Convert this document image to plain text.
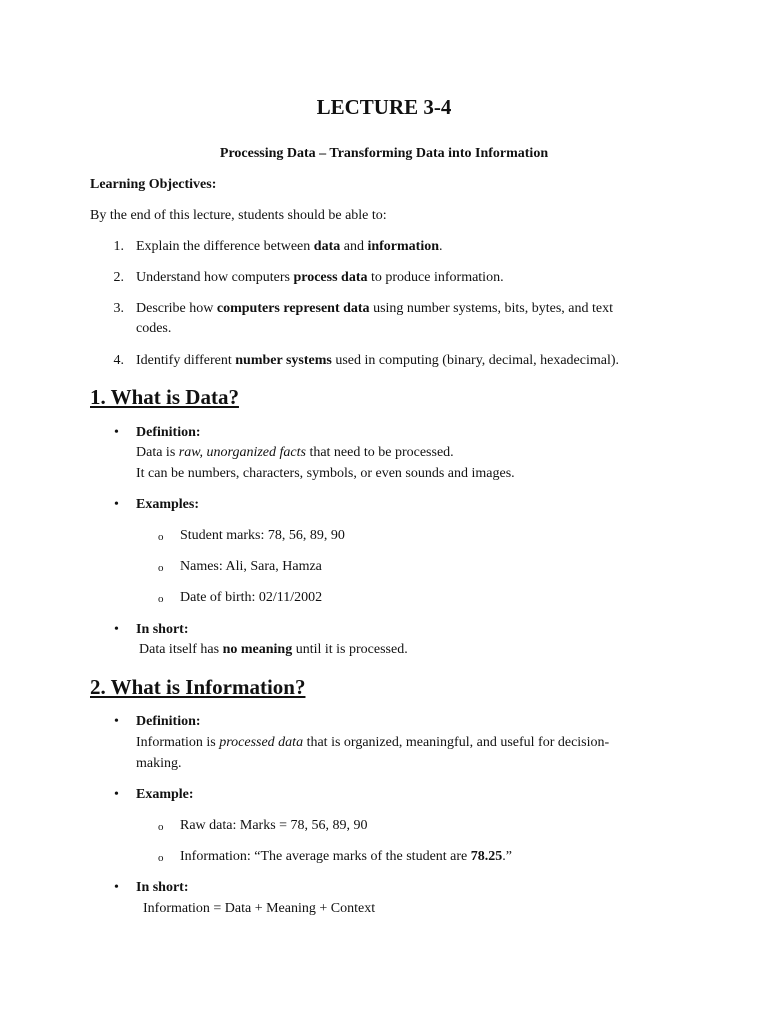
LECTURE 3-4
Processing Data – Transforming Data into Information
Learning Objectives:
By the end of this lecture, students should be able to:
1. Explain the difference between data and information.
2. Understand how computers process data to produce information.
3. Describe how computers represent data using number systems, bits, bytes, and text
codes.
4. Identify different number systems used in computing (binary, decimal, hexadecimal).
1. What is Data?
• Definition:
Data is raw, unorganized facts that need to be processed.
It can be numbers, characters, symbols, or even sounds and images.
• Examples:
o Student marks: 78, 56, 89, 90
o Names: Ali, Sara, Hamza
o Date of birth: 02/11/2002
• In short:
Data itself has no meaning until it is processed.
2. What is Information?
• Definition:
Information is processed data that is organized, meaningful, and useful for decision-
making.
• Example:
o Raw data: Marks = 78, 56, 89, 90
o Information: “The average marks of the student are 78.25.”
• In short:
Information = Data + Meaning + Context
